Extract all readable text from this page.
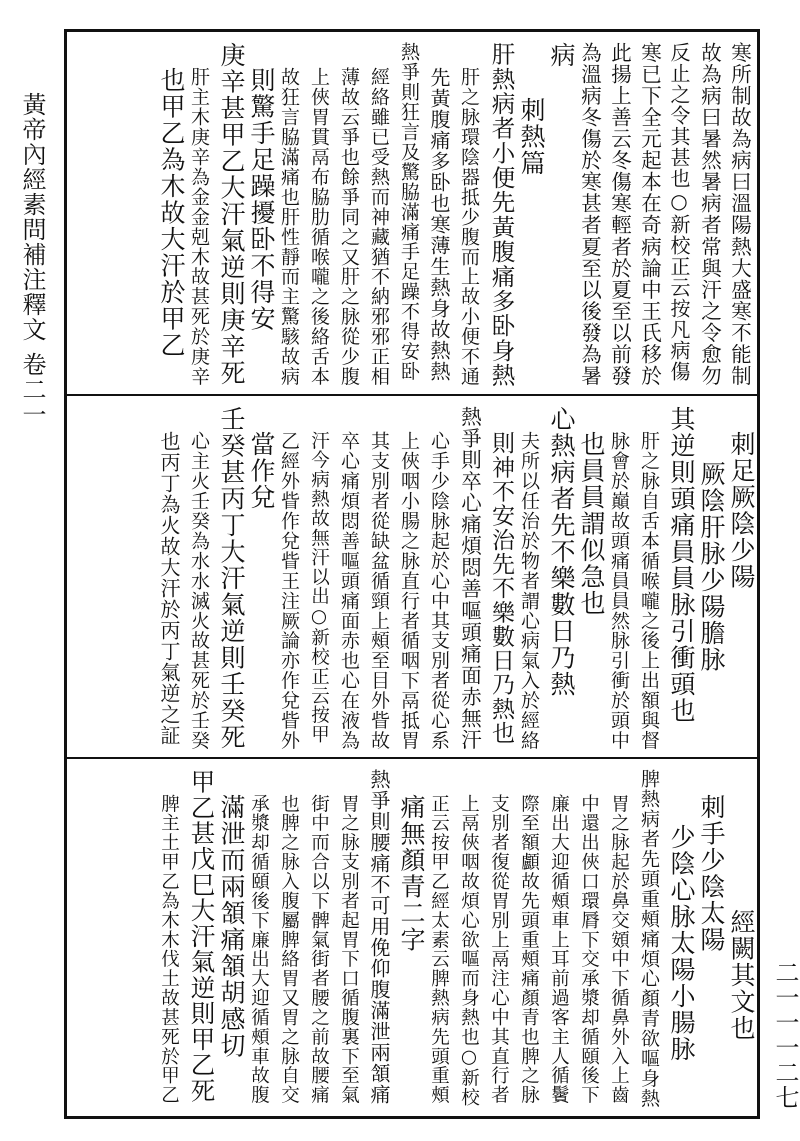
黃帝內經素問補注釋文
卷二一
二一一一二七
寒所制故為病曰溫陽熱大盛寒不能制
故為病曰暑然暑病者常與汗之令愈勿
反止之令其甚也○新校正云按凡病傷
寒已下全元起本在奇病論中王氏移於
此揚上善云冬傷寒輕者於夏至以前發
為溫病冬傷於寒甚者夏至以後發為暑
病
刺熱篇
肝熱病者小便先黃腹痛多卧身熱
肝之脉環陰器抵少腹而上故小便不通
先黃腹痛多卧也寒薄生熱身故熱熱
熱爭則狂言及驚脇滿痛手足躁不得安卧
經絡雖已受熱而神藏猶不納邪邪正相
薄故云爭也餘爭同之又肝之脉從少腹
上俠胃貫鬲布脇肋循喉嚨之後絡舌本
故狂言脇滿痛也肝性靜而主驚駭故病
則驚手足躁擾卧不得安
庚辛甚甲乙大汗氣逆則庚辛死
肝主木庚辛為金金剋木故甚死於庚辛
也甲乙為木故大汗於甲乙
刺足厥陰少陽
厥陰肝脉少陽膽脉
其逆則頭痛員員脉引衝頭也
肝之脉自舌本循喉嚨之後上出額與督
脉會於巔故頭痛員員然脉引衝於頭中
也員員謂似急也
心熱病者先不樂數日乃熱
夫所以任治於物者謂心病氣入於經絡
則神不安治先不樂數日乃熱也
熱爭則卒心痛煩悶善嘔頭痛面赤無汗
心手少陰脉起於心中其支別者從心系
上俠咽小腸之脉直行者循咽下鬲抵胃
其支別者從缺盆循頸上頰至目外眥故
卒心痛煩悶善嘔頭痛面赤也心在液為
汗今病熱故無汗以出○新校正云按甲
乙經外眥作兌眥王注厥論亦作兌眥外
當作兌
壬癸甚丙丁大汗氣逆則壬癸死
心主火壬癸為水水滅火故甚死於壬癸
也丙丁為火故大汗於丙丁氣逆之証
經闕其文也
刺手少陰太陽
少陰心脉太陽小腸脉
脾熱病者先頭重頰痛煩心顏青欲嘔身熱
胃之脉起於鼻交頞中下循鼻外入上齒
中還出俠口環脣下交承漿却循頤後下
廉出大迎循頰車上耳前過客主人循鬢
際至額顱故先頭重頰痛顏青也脾之脉
支別者復從胃別上鬲注心中其直行者
上鬲俠咽故煩心欲嘔而身熱也○新校
正云按甲乙經太素云脾熱病先頭重頰
痛無顏青二字
熱爭則腰痛不可用俛仰腹滿泄兩頷痛
胃之脉支別者起胃下口循腹裏下至氣
街中而合以下髀氣街者腰之前故腰痛
也脾之脉入腹屬脾絡胃又胃之脉自交
承漿却循頤後下廉出大迎循頰車故腹
滿泄而兩頷痛頷胡感切
甲乙甚戊巳大汗氣逆則甲乙死
脾主土甲乙為木木伐土故甚死於甲乙
